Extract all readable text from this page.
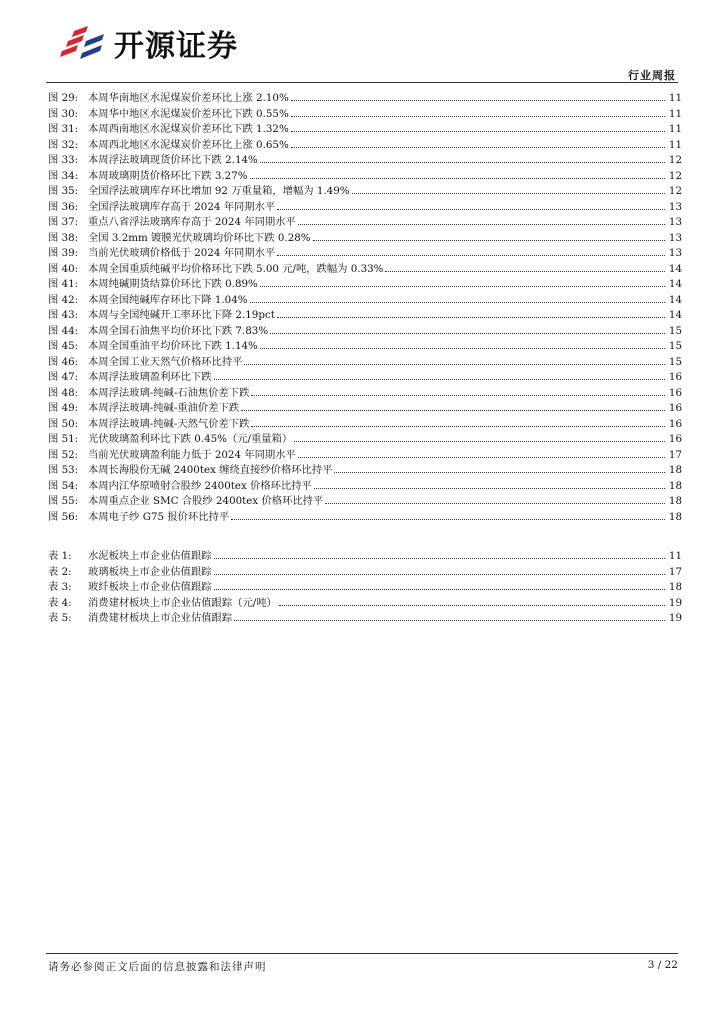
开源证券
行业周报
图 29: 本周华南地区水泥煤炭价差环比上涨 2.10%	11
图 30: 本周华中地区水泥煤炭价差环比下跌 0.55%	11
图 31: 本周西南地区水泥煤炭价差环比下跌 1.32%	11
图 32: 本周西北地区水泥煤炭价差环比上涨 0.65%	11
图 33: 本周浮法玻璃现货价环比下跌 2.14%	12
图 34: 本周玻璃期货价格环比下跌 3.27%	12
图 35: 全国浮法玻璃库存环比增加 92 万重量箱，增幅为 1.49%	12
图 36: 全国浮法玻璃库存高于 2024 年同期水平	13
图 37: 重点八省浮法玻璃库存高于 2024 年同期水平	13
图 38: 全国 3.2mm 镀膜光伏玻璃均价环比下跌 0.28%	13
图 39: 当前光伏玻璃价格低于 2024 年同期水平	13
图 40: 本周全国重质纯碱平均价格环比下跌 5.00 元/吨，跌幅为 0.33%	14
图 41: 本周纯碱期货结算价环比下跌 0.89%	14
图 42: 本周全国纯碱库存环比下降 1.04%	14
图 43: 本周与全国纯碱开工率环比下降 2.19pct	14
图 44: 本周全国石油焦平均价环比下跌 7.83%	15
图 45: 本周全国重油平均价环比下跌 1.14%	15
图 46: 本周全国工业天然气价格环比持平	15
图 47: 本周浮法玻璃盈利环比下跌	16
图 48: 本周浮法玻璃-纯碱-石油焦价差下跌	16
图 49: 本周浮法玻璃-纯碱-重油价差下跌	16
图 50: 本周浮法玻璃-纯碱-天然气价差下跌	16
图 51: 光伏玻璃盈利环比下跌 0.45%（元/重量箱）	16
图 52: 当前光伏玻璃盈利能力低于 2024 年同期水平	17
图 53: 本周长海股份无碱 2400tex 缠绕直接纱价格环比持平	18
图 54: 本周内江华原喷射合股纱 2400tex 价格环比持平	18
图 55: 本周重点企业 SMC 合股纱 2400tex 价格环比持平	18
图 56: 本周电子纱 G75 报价环比持平	18
表 1:	水泥板块上市企业估值跟踪	11
表 2:	玻璃板块上市企业估值跟踪	17
表 3:	玻纤板块上市企业估值跟踪	18
表 4:	消费建材板块上市企业估值跟踪（元/吨）	19
表 5:	消费建材板块上市企业估值跟踪	19
请务必参阅正文后面的信息披露和法律声明	3 / 22
